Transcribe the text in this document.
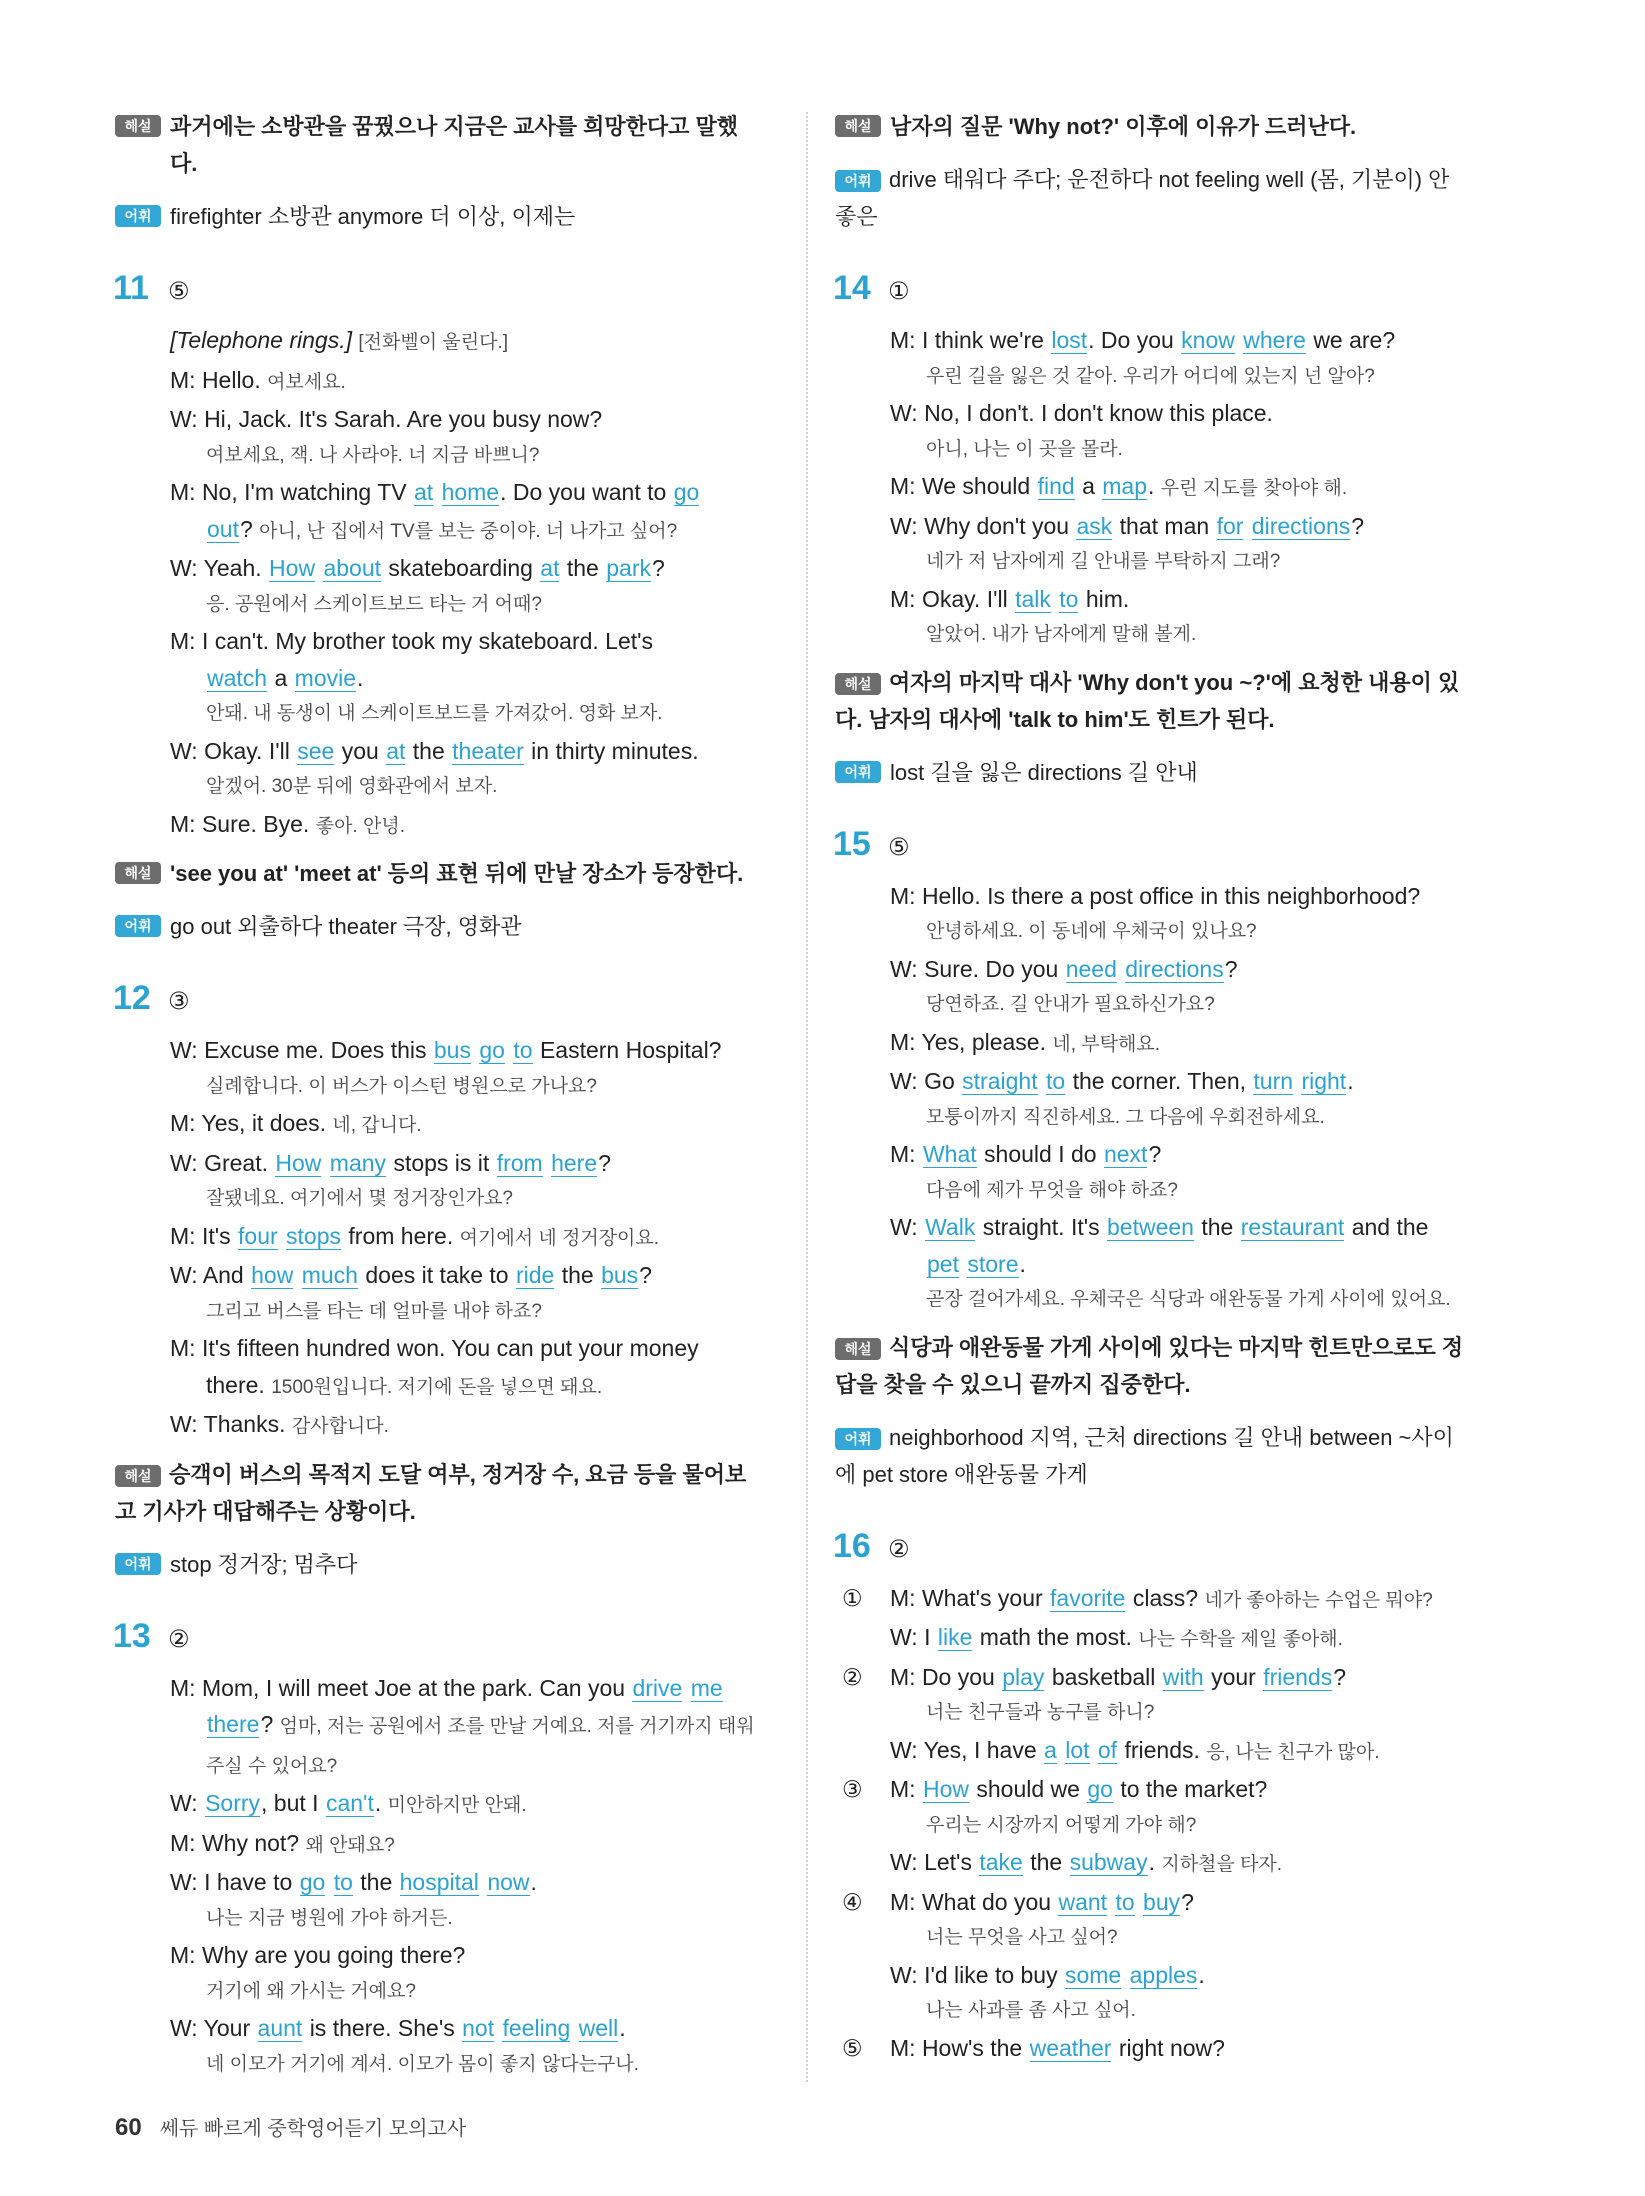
해설 과거에는 소방관을 꿈꿨으나 지금은 교사를 희망한다고 말했다.
어휘 firefighter 소방관 anymore 더 이상, 이제는
11 ⑤
[Telephone rings.] [전화벨이 울린다.]
M: Hello. 여보세요.
W: Hi, Jack. It's Sarah. Are you busy now?
여보세요, 잭. 나 사라야. 너 지금 바쁘니?
M: No, I'm watching TV at home. Do you want to go
out? 아니, 난 집에서 TV를 보는 중이야. 너 나가고 싶어?
W: Yeah. How about skateboarding at the park?
응. 공원에서 스케이트보드 타는 거 어때?
M: I can't. My brother took my skateboard. Let's
watch a movie.
안돼. 내 동생이 내 스케이트보드를 가져갔어. 영화 보자.
W: Okay. I'll see you at the theater in thirty minutes.
알겠어. 30분 뒤에 영화관에서 보자.
M: Sure. Bye. 좋아. 안녕.
해설 'see you at' 'meet at' 등의 표현 뒤에 만날 장소가 등장한다.
어휘 go out 외출하다 theater 극장, 영화관
12 ③
W: Excuse me. Does this bus go to Eastern Hospital?
실례합니다. 이 버스가 이스턴 병원으로 가나요?
M: Yes, it does. 네, 갑니다.
W: Great. How many stops is it from here?
잘됐네요. 여기에서 몇 정거장인가요?
M: It's four stops from here. 여기에서 네 정거장이요.
W: And how much does it take to ride the bus?
그리고 버스를 타는 데 얼마를 내야 하죠?
M: It's fifteen hundred won. You can put your money
there. 1500원입니다. 저기에 돈을 넣으면 돼요.
W: Thanks. 감사합니다.
해설 승객이 버스의 목적지 도달 여부, 정거장 수, 요금 등을 물어보고 기사가 대답해주는 상황이다.
어휘 stop 정거장; 멈추다
13 ②
M: Mom, I will meet Joe at the park. Can you drive me
there? 엄마, 저는 공원에서 조를 만날 거예요. 저를 거기까지 태워주실 수 있어요?
W: Sorry, but I can't. 미안하지만 안돼.
M: Why not? 왜 안돼요?
W: I have to go to the hospital now.
나는 지금 병원에 가야 하거든.
M: Why are you going there?
거기에 왜 가시는 거예요?
W: Your aunt is there. She's not feeling well.
네 이모가 거기에 계셔. 이모가 몸이 좋지 않다는구나.
해설 남자의 질문 'Why not?' 이후에 이유가 드러난다.
어휘 drive 태워다 주다; 운전하다 not feeling well (몸, 기분이) 안 좋은
14 ①
M: I think we're lost. Do you know where we are?
우린 길을 잃은 것 같아. 우리가 어디에 있는지 넌 알아?
W: No, I don't. I don't know this place.
아니, 나는 이 곳을 몰라.
M: We should find a map. 우린 지도를 찾아야 해.
W: Why don't you ask that man for directions?
네가 저 남자에게 길 안내를 부탁하지 그래?
M: Okay. I'll talk to him.
알았어. 내가 남자에게 말해 볼게.
해설 여자의 마지막 대사 'Why don't you ~?'에 요청한 내용이 있다. 남자의 대사에 'talk to him'도 힌트가 된다.
어휘 lost 길을 잃은 directions 길 안내
15 ⑤
M: Hello. Is there a post office in this neighborhood?
안녕하세요. 이 동네에 우체국이 있나요?
W: Sure. Do you need directions?
당연하죠. 길 안내가 필요하신가요?
M: Yes, please. 네, 부탁해요.
W: Go straight to the corner. Then, turn right.
모퉁이까지 직진하세요. 그 다음에 우회전하세요.
M: What should I do next?
다음에 제가 무엇을 해야 하죠?
W: Walk straight. It's between the restaurant and the
pet store.
곧장 걸어가세요. 우체국은 식당과 애완동물 가게 사이에 있어요.
해설 식당과 애완동물 가게 사이에 있다는 마지막 힌트만으로도 정답을 찾을 수 있으니 끝까지 집중한다.
어휘 neighborhood 지역, 근처 directions 길 안내 between ~사이에 pet store 애완동물 가게
16 ②
① M: What's your favorite class? 네가 좋아하는 수업은 뭐야?
W: I like math the most. 나는 수학을 제일 좋아해.
② M: Do you play basketball with your friends?
너는 친구들과 농구를 하니?
W: Yes, I have a lot of friends. 응, 나는 친구가 많아.
③ M: How should we go to the market?
우리는 시장까지 어떻게 가야 해?
W: Let's take the subway. 지하철을 타자.
④ M: What do you want to buy?
너는 무엇을 사고 싶어?
W: I'd like to buy some apples.
나는 사과를 좀 사고 싶어.
⑤ M: How's the weather right now?
60 쎄듀 빠르게 중학영어듣기 모의고사
